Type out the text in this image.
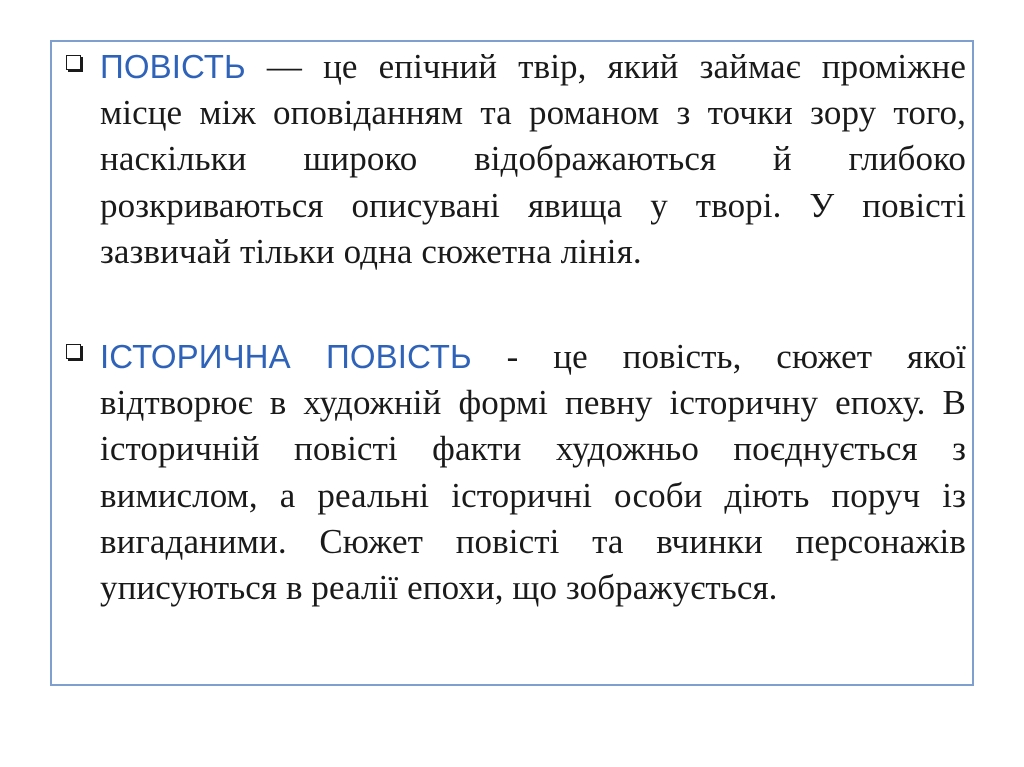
ПОВІСТЬ — це епічний твір, який займає проміжне місце між оповіданням та романом з точки зору того, наскільки широко відображаються й глибоко розкриваються описувані явища у творі. У повісті зазвичай тільки одна сюжетна лінія.

ІСТОРИЧНА ПОВІСТЬ - це повість, сюжет якої відтворює в художній формі певну історичну епоху. В історичній повісті факти художньо поєднується з вимислом, а реальні історичні особи діють поруч із вигаданими. Сюжет повісті та вчинки персонажів уписуються в реалії епохи, що зображується.
